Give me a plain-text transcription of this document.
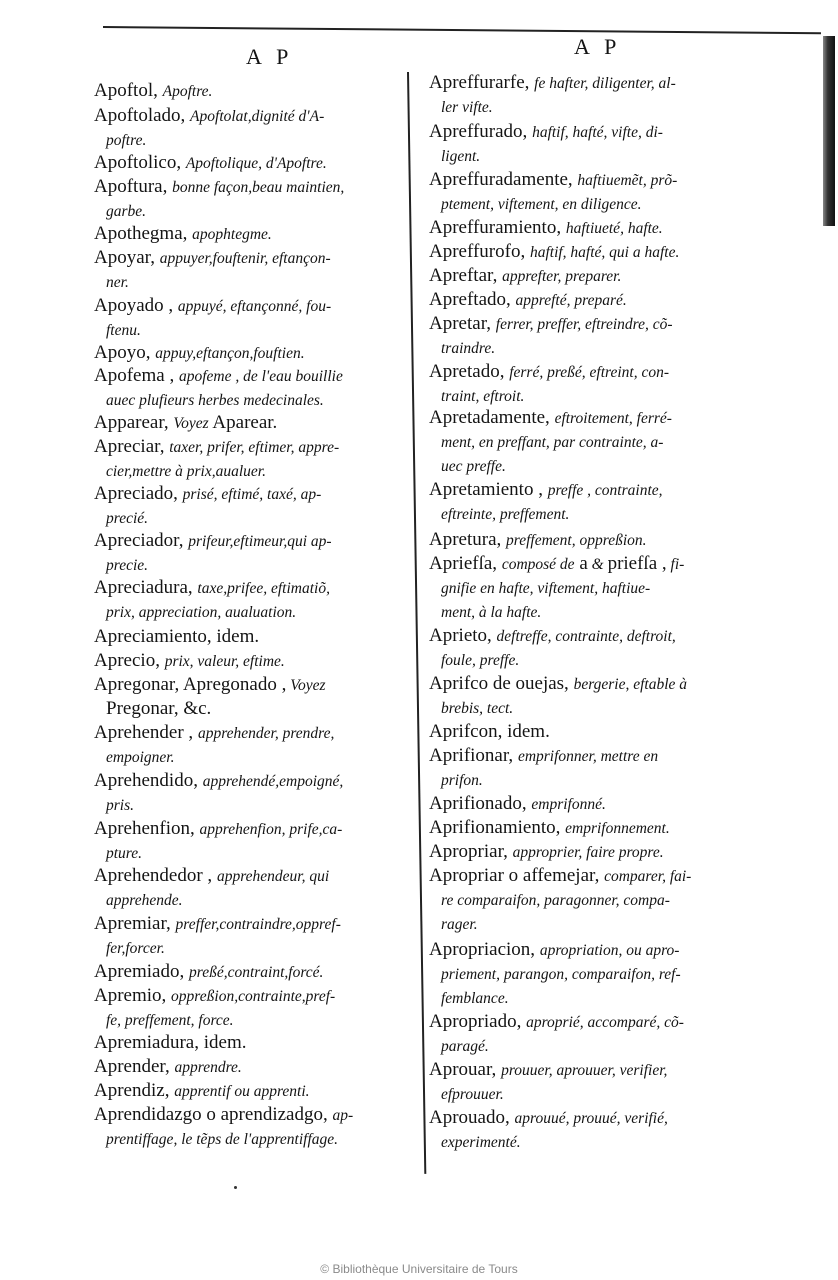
A P	A P
Apoftol, Apoftre.
Apoftolado, Apoftolat,dignité d'A-
poftre.
Apoftolico, Apoftolique, d'Apoftre.
Apoftura, bonne façon,beau maintien,
garbe.
Apothegma, apophtegme.
Apoyar, appuyer,fouftenir, eftançon-
ner.
Apoyado , appuyé, eftançonné, fou-
ftenu.
Apoyo, appuy,eftançon,fouftien.
Apofema , apofeme , de l'eau bouillie
auec plufieurs herbes medecinales.
Apparear, Voyez Aparear.
Apreciar, taxer, prifer, eftimer, appre-
cier,mettre à prix,aualuer.
Apreciado, prisé, eftimé, taxé, ap-
precié.
Apreciador, prifeur,eftimeur,qui ap-
precie.
Apreciadura, taxe,prifee, eftimatiõ,
prix, appreciation, aualuation.
Apreciamiento, idem.
Aprecio, prix, valeur, eftime.
Apregonar, Apregonado , Voyez
Pregonar, &c.
Aprehender , apprehender, prendre,
empoigner.
Aprehendido, apprehendé,empoigné,
pris.
Aprehenfion, apprehenfion, prife,ca-
pture.
Aprehendedor , apprehendeur, qui
apprehende.
Apremiar, preffer,contraindre,oppref-
fer,forcer.
Apremiado, preßé,contraint,forcé.
Apremio, oppreßion,contrainte,pref-
fe, preffement, force.
Apremiadura, idem.
Aprender, apprendre.
Aprendiz, apprentif ou apprenti.
Aprendidazgo o aprendizadgo, ap-
prentiffage, le tẽps de l'apprentiffage.
Apreffurarfe, fe hafter, diligenter, al-
ler vifte.
Apreffurado, haftif, hafté, vifte, di-
ligent.
Apreffuradamente, haftiuemẽt, prõ-
ptement, viftement, en diligence.
Apreffuramiento, haftiueté, hafte.
Apreffurofo, haftif, hafté, qui a hafte.
Apreftar, apprefter, preparer.
Apreftado, apprefté, preparé.
Apretar, ferrer, preffer, eftreindre, cõ-
traindre.
Apretado, ferré, preßé, eftreint, con-
traint, eftroit.
Apretadamente, eftroitement, ferré-
ment, en preffant, par contrainte, a-
uec preffe.
Apretamiento , preffe , contrainte,
eftreinte, preffement.
Apretura, preffement, oppreßion.
Apriefſa, composé de a & priefſa , fi-
gnifie en hafte, viftement, haftiue-
ment, à la hafte.
Aprieto, deftreffe, contrainte, deftroit,
foule, preffe.
Aprifco de ouejas, bergerie, eftable à
brebis, tect.
Aprifcon, idem.
Aprifionar, emprifonner, mettre en
prifon.
Aprifionado, emprifonné.
Aprifionamiento, emprifonnement.
Apropriar, approprier, faire propre.
Apropriar o affemejar, comparer, fai-
re comparaifon, paragonner, compa-
rager.
Apropriacion, apropriation, ou apro-
priement, parangon, comparaifon, ref-
femblance.
Apropriado, aproprié, accomparé, cõ-
paragé.
Aprouar, prouuer, aprouuer, verifier,
efprouuer.
Aprouado, aprouué, prouué, verifié,
experimenté.
© Bibliothèque Universitaire de Tours
